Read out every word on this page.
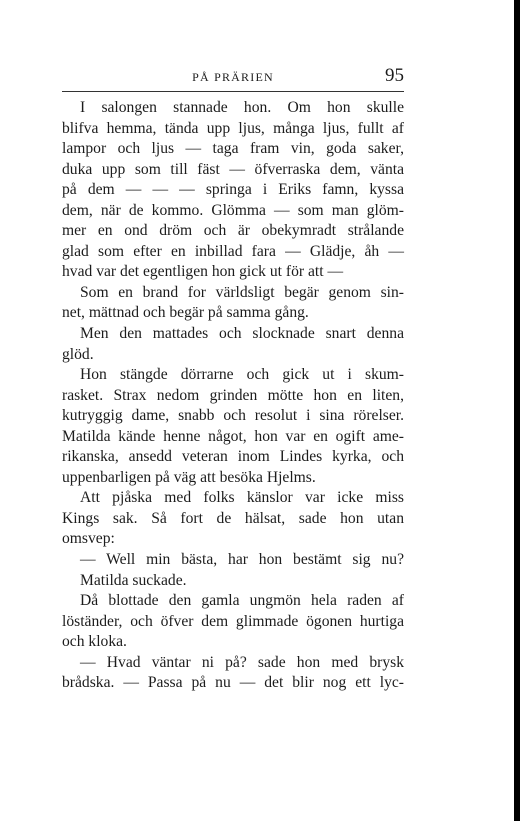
PÅ PRÄRIEN	95
I salongen stannade hon. Om hon skulle
blifva hemma, tända upp ljus, många ljus, fullt af
lampor och ljus — taga fram vin, goda saker,
duka upp som till fäst — öfverraska dem, vänta
på dem — — — springa i Eriks famn, kyssa
dem, när de kommo. Glömma — som man glöm-
mer en ond dröm och är obekymradt strålande
glad som efter en inbillad fara — Glädje, åh —
hvad var det egentligen hon gick ut för att —
Som en brand for världsligt begär genom sin-
net, mättnad och begär på samma gång.
Men den mattades och slocknade snart denna
glöd.
Hon stängde dörrarne och gick ut i skum-
rasket. Strax nedom grinden mötte hon en liten,
kutryggig dame, snabb och resolut i sina rörelser.
Matilda kände henne något, hon var en ogift ame-
rikanska, ansedd veteran inom Lindes kyrka, och
uppenbarligen på väg att besöka Hjelms.
Att pjåska med folks känslor var icke miss
Kings sak. Så fort de hälsat, sade hon utan
omsvep:
— Well min bästa, har hon bestämt sig nu?
Matilda suckade.
Då blottade den gamla ungmön hela raden af
löständer, och öfver dem glimmade ögonen hurtiga
och kloka.
— Hvad väntar ni på? sade hon med brysk
brådska. — Passa på nu — det blir nog ett lyc-
